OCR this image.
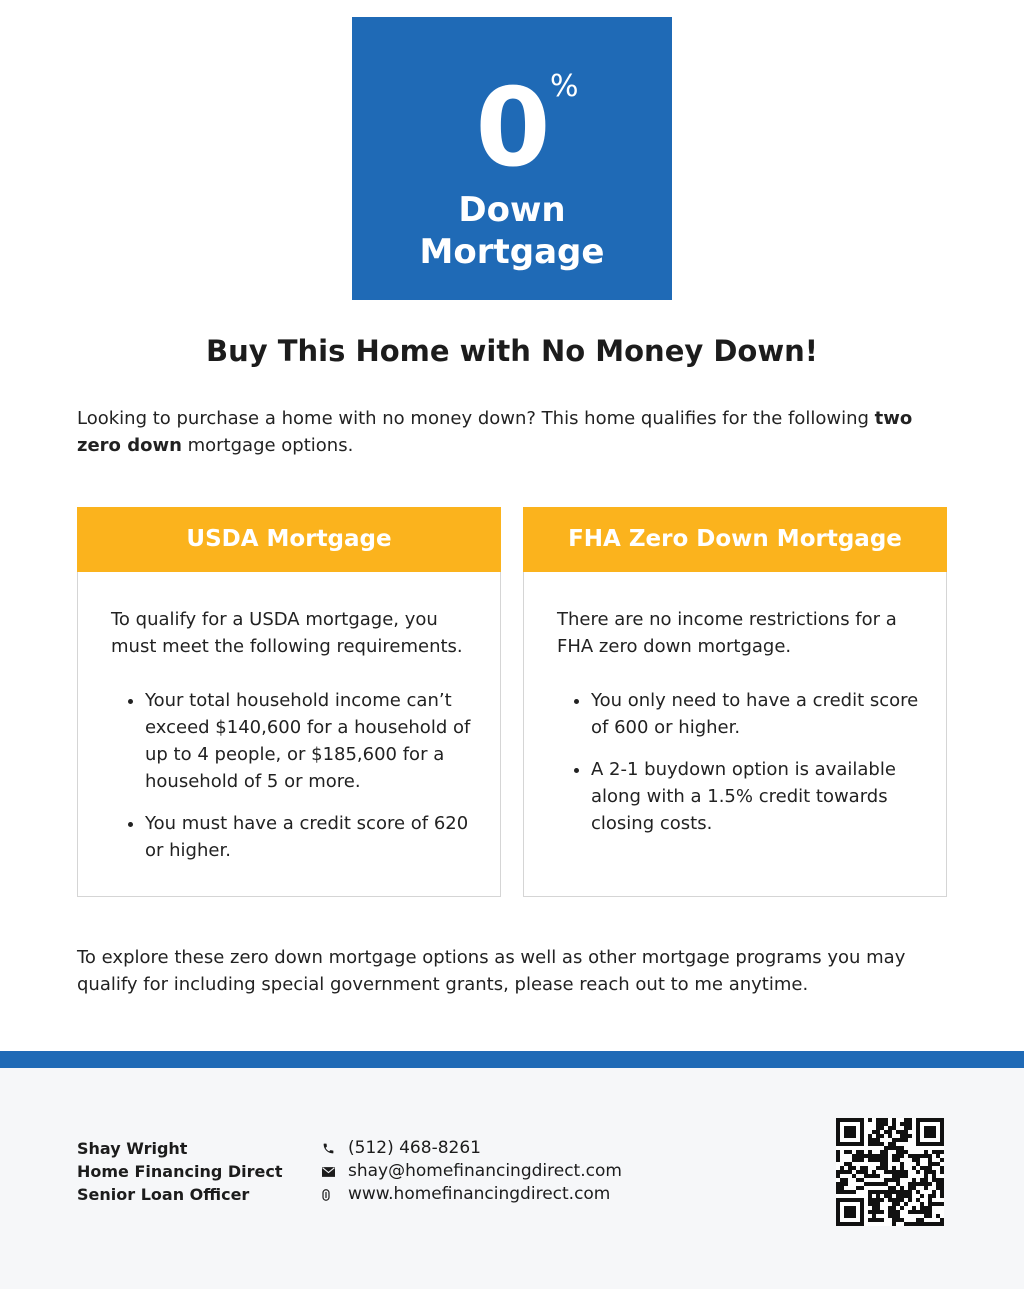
0 %
Down
Mortgage
Buy This Home with No Money Down!
Looking to purchase a home with no money down? This home qualifies for the following two zero down mortgage options.
USDA Mortgage
To qualify for a USDA mortgage, you must meet the following requirements.
• Your total household income can’t exceed $140,600 for a household of up to 4 people, or $185,600 for a household of 5 or more.
• You must have a credit score of 620 or higher.
FHA Zero Down Mortgage
There are no income restrictions for a FHA zero down mortgage.
• You only need to have a credit score of 600 or higher.
• A 2-1 buydown option is available along with a 1.5% credit towards closing costs.
To explore these zero down mortgage options as well as other mortgage programs you may qualify for including special government grants, please reach out to me anytime.
Shay Wright
Home Financing Direct
Senior Loan Officer
(512) 468-8261
shay@homefinancingdirect.com
www.homefinancingdirect.com
